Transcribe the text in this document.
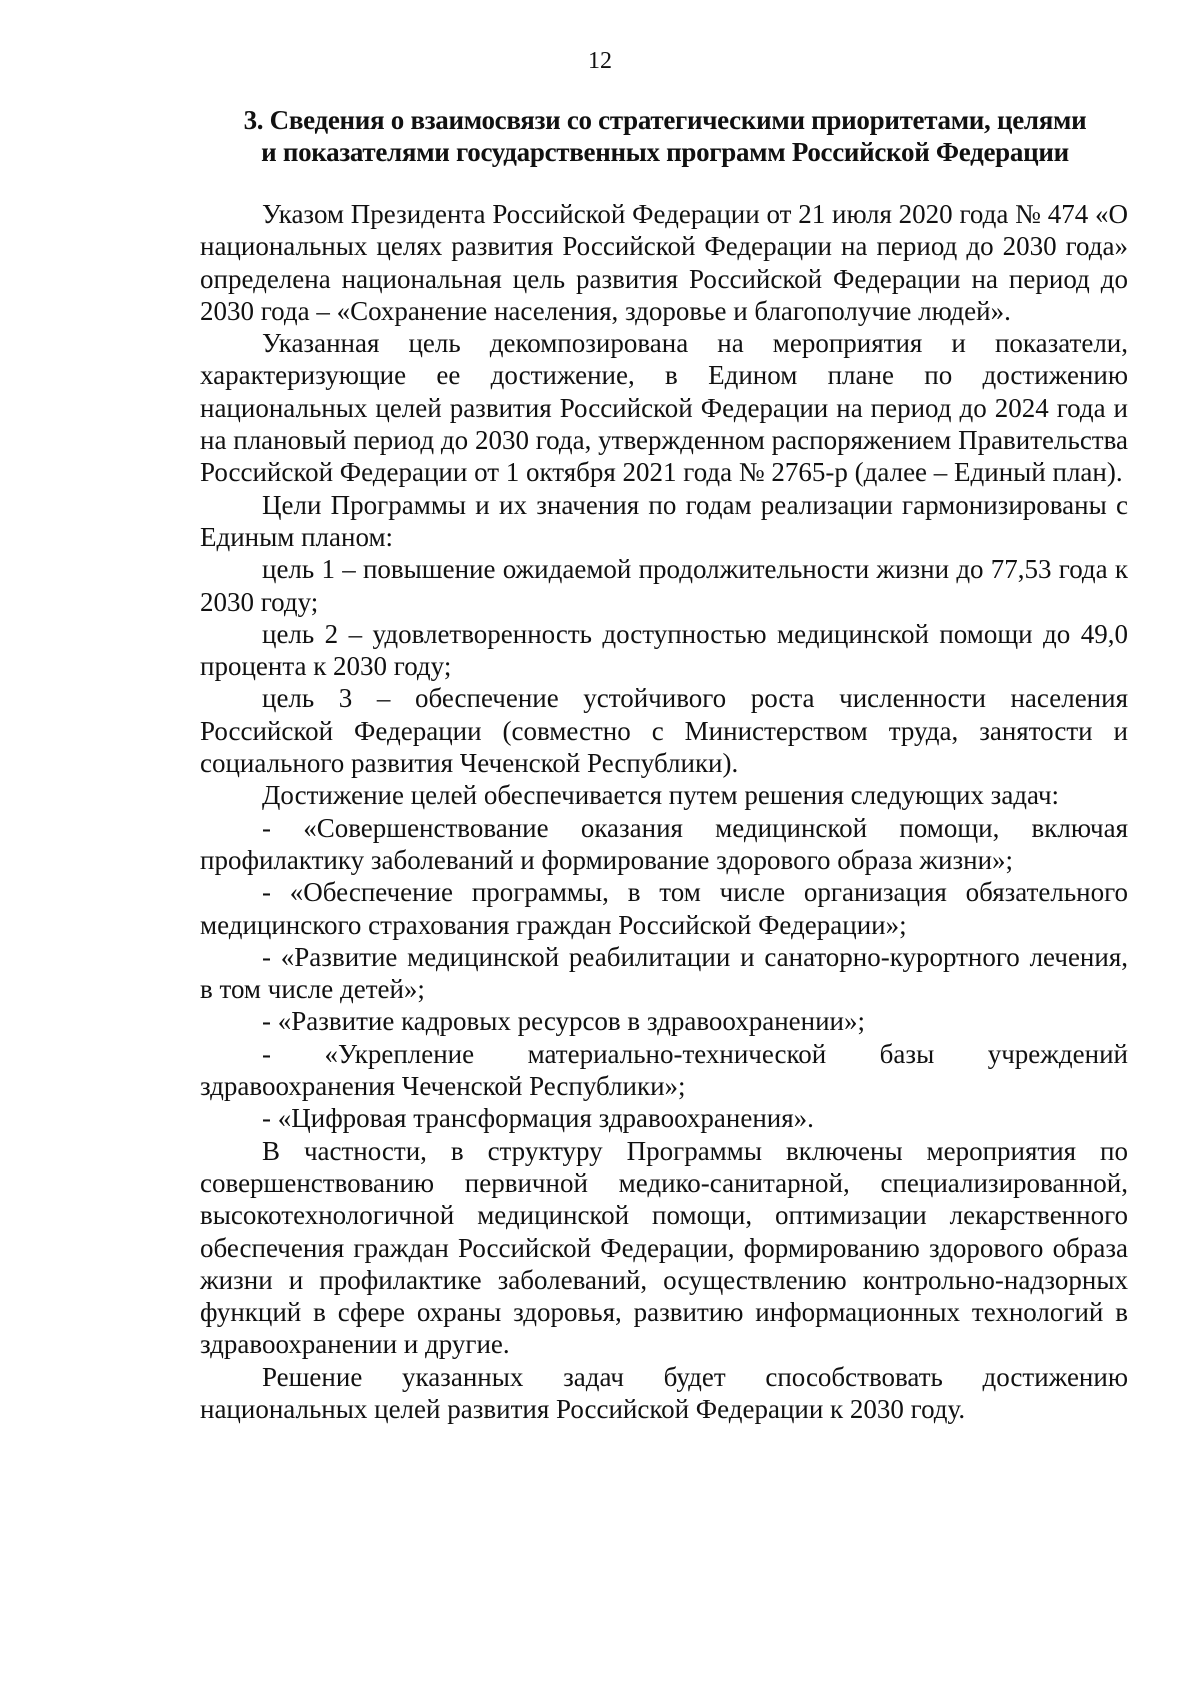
12
3. Сведения о взаимосвязи со стратегическими приоритетами, целями
и показателями государственных программ Российской Федерации

Указом Президента Российской Федерации от 21 июля 2020 года № 474 «О национальных целях развития Российской Федерации на период до 2030 года» определена национальная цель развития Российской Федерации на период до 2030 года – «Сохранение населения, здоровье и благополучие людей».

Указанная цель декомпозирована на мероприятия и показатели, характеризующие ее достижение, в Едином плане по достижению национальных целей развития Российской Федерации на период до 2024 года и на плановый период до 2030 года, утвержденном распоряжением Правительства Российской Федерации от 1 октября 2021 года № 2765-р (далее – Единый план).

Цели Программы и их значения по годам реализации гармонизированы с Единым планом:

цель 1 – повышение ожидаемой продолжительности жизни до 77,53 года к 2030 году;

цель 2 – удовлетворенность доступностью медицинской помощи до 49,0 процента к 2030 году;

цель 3 – обеспечение устойчивого роста численности населения Российской Федерации (совместно с Министерством труда, занятости и социального развития Чеченской Республики).

Достижение целей обеспечивается путем решения следующих задач:

- «Совершенствование оказания медицинской помощи, включая профилактику заболеваний и формирование здорового образа жизни»;

- «Обеспечение программы, в том числе организация обязательного медицинского страхования граждан Российской Федерации»;

- «Развитие медицинской реабилитации и санаторно-курортного лечения, в том числе детей»;

- «Развитие кадровых ресурсов в здравоохранении»;

- «Укрепление материально-технической базы учреждений здравоохранения Чеченской Республики»;

- «Цифровая трансформация здравоохранения».

В частности, в структуру Программы включены мероприятия по совершенствованию первичной медико-санитарной, специализированной, высокотехнологичной медицинской помощи, оптимизации лекарственного обеспечения граждан Российской Федерации, формированию здорового образа жизни и профилактике заболеваний, осуществлению контрольно-надзорных функций в сфере охраны здоровья, развитию информационных технологий в здравоохранении и другие.

Решение указанных задач будет способствовать достижению национальных целей развития Российской Федерации к 2030 году.
